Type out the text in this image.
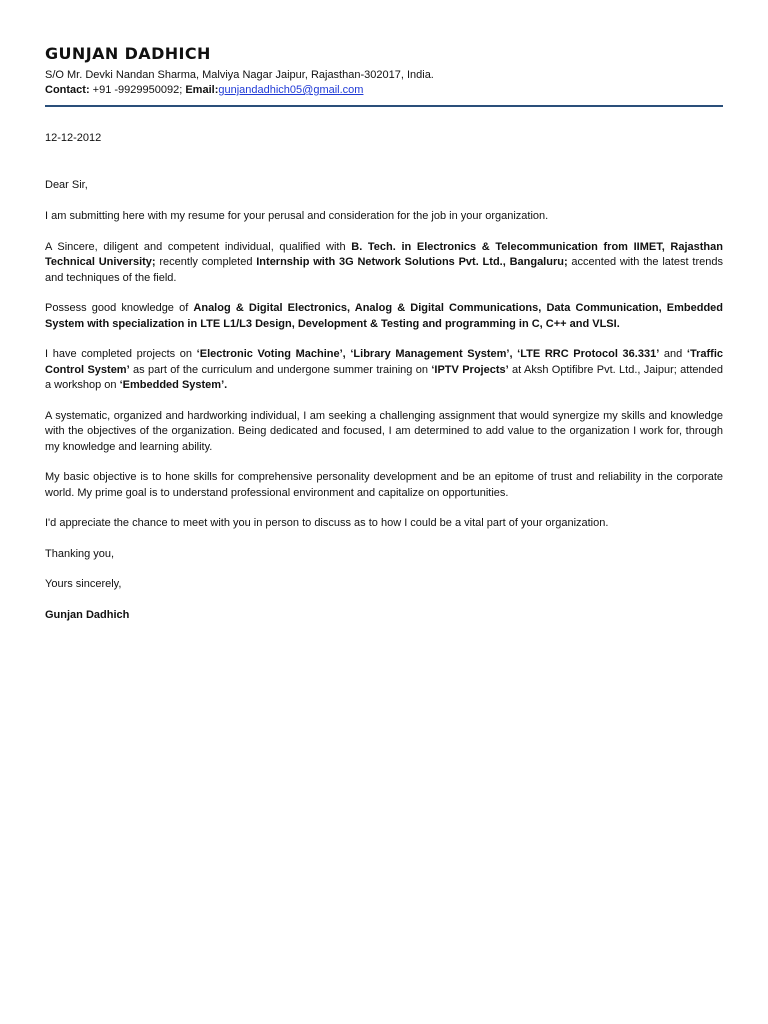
GUNJAN DADHICH
S/O Mr. Devki Nandan Sharma, Malviya Nagar Jaipur, Rajasthan-302017, India.
Contact: +91 -9929950092; Email:gunjandadhich05@gmail.com

12-12-2012

Dear Sir,

I am submitting here with my resume for your perusal and consideration for the job in your organization.

A Sincere, diligent and competent individual, qualified with B. Tech. in Electronics & Telecommunication from IIMET, Rajasthan Technical University; recently completed Internship with 3G Network Solutions Pvt. Ltd., Bangaluru; accented with the latest trends and techniques of the field.

Possess good knowledge of Analog & Digital Electronics, Analog & Digital Communications, Data Communication, Embedded System with specialization in LTE L1/L3 Design, Development & Testing and programming in C, C++ and VLSI.

I have completed projects on ‘Electronic Voting Machine’, ‘Library Management System’, ‘LTE RRC Protocol 36.331’ and ‘Traffic Control System’ as part of the curriculum and undergone summer training on ‘IPTV Projects’ at Aksh Optifibre Pvt. Ltd., Jaipur; attended a workshop on ‘Embedded System’.

A systematic, organized and hardworking individual, I am seeking a challenging assignment that would synergize my skills and knowledge with the objectives of the organization. Being dedicated and focused, I am determined to add value to the organization I work for, through my knowledge and learning ability.

My basic objective is to hone skills for comprehensive personality development and be an epitome of trust and reliability in the corporate world. My prime goal is to understand professional environment and capitalize on opportunities.

I'd appreciate the chance to meet with you in person to discuss as to how I could be a vital part of your organization.

Thanking you,

Yours sincerely,

Gunjan Dadhich
